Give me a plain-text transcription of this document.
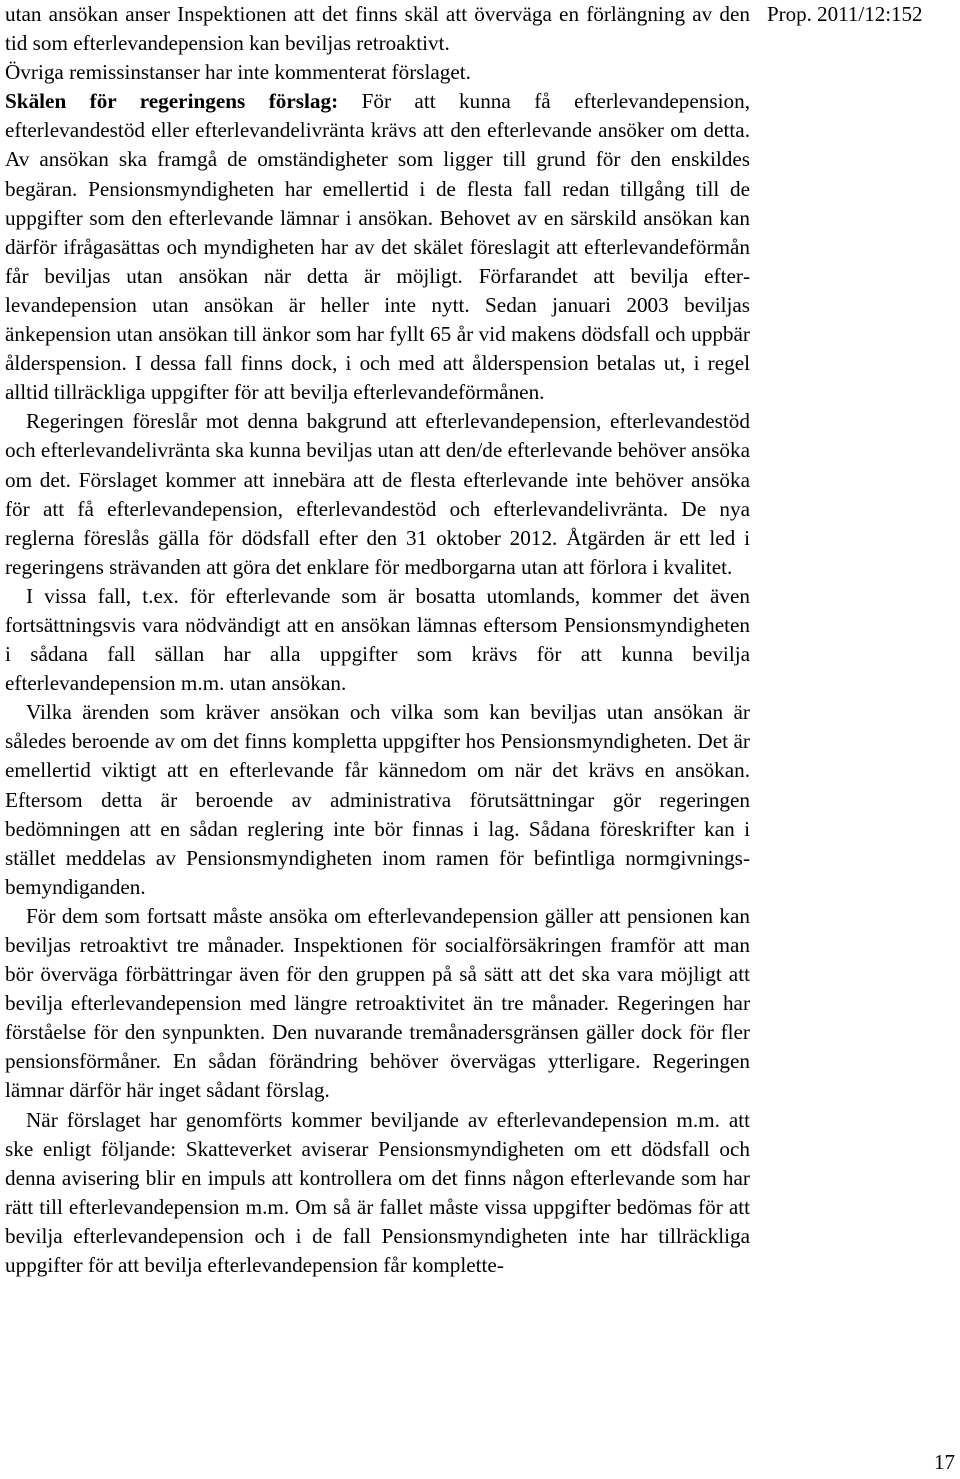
Prop. 2011/12:152

utan ansökan anser Inspektionen att det finns skäl att överväga en förlängning av den tid som efterlevandepension kan beviljas retroaktivt.

Övriga remissinstanser har inte kommenterat förslaget.

Skälen för regeringens förslag: För att kunna få efterlevandepension, efterlevandestöd eller efterlevandelivränta krävs att den efterlevande ansöker om detta. Av ansökan ska framgå de omständigheter som ligger till grund för den enskildes begäran. Pensionsmyndigheten har emellertid i de flesta fall redan tillgång till de uppgifter som den efterlevande lämnar i ansökan. Behovet av en särskild ansökan kan därför ifrågasättas och myndigheten har av det skälet föreslagit att efterlevandeförmån får beviljas utan ansökan när detta är möjligt. Förfarandet att bevilja efterlevandepension utan ansökan är heller inte nytt. Sedan januari 2003 beviljas änkepension utan ansökan till änkor som har fyllt 65 år vid makens dödsfall och uppbär ålderspension. I dessa fall finns dock, i och med att ålderspension betalas ut, i regel alltid tillräckliga uppgifter för att bevilja efterlevandeförmånen.

Regeringen föreslår mot denna bakgrund att efterlevandepension, efterlevandestöd och efterlevandelivränta ska kunna beviljas utan att den/de efterlevande behöver ansöka om det. Förslaget kommer att innebära att de flesta efterlevande inte behöver ansöka för att få efterlevandepension, efterlevandestöd och efterlevandelivränta. De nya reglerna föreslås gälla för dödsfall efter den 31 oktober 2012. Åtgärden är ett led i regeringens strävanden att göra det enklare för medborgarna utan att förlora i kvalitet.

I vissa fall, t.ex. för efterlevande som är bosatta utomlands, kommer det även fortsättningsvis vara nödvändigt att en ansökan lämnas eftersom Pensionsmyndigheten i sådana fall sällan har alla uppgifter som krävs för att kunna bevilja efterlevandepension m.m. utan ansökan.

Vilka ärenden som kräver ansökan och vilka som kan beviljas utan ansökan är således beroende av om det finns kompletta uppgifter hos Pensionsmyndigheten. Det är emellertid viktigt att en efterlevande får kännedom om när det krävs en ansökan. Eftersom detta är beroende av administrativa förutsättningar gör regeringen bedömningen att en sådan reglering inte bör finnas i lag. Sådana föreskrifter kan i stället meddelas av Pensionsmyndigheten inom ramen för befintliga normgivningsbemyndiganden.

För dem som fortsatt måste ansöka om efterlevandepension gäller att pensionen kan beviljas retroaktivt tre månader. Inspektionen för socialförsäkringen framför att man bör överväga förbättringar även för den gruppen på så sätt att det ska vara möjligt att bevilja efterlevandepension med längre retroaktivitet än tre månader. Regeringen har förståelse för den synpunkten. Den nuvarande tremånadersgränsen gäller dock för fler pensionsförmåner. En sådan förändring behöver övervägas ytterligare. Regeringen lämnar därför här inget sådant förslag.

När förslaget har genomförts kommer beviljande av efterlevandepension m.m. att ske enligt följande: Skatteverket aviserar Pensionsmyndigheten om ett dödsfall och denna avisering blir en impuls att kontrollera om det finns någon efterlevande som har rätt till efterlevandepension m.m. Om så är fallet måste vissa uppgifter bedömas för att bevilja efterlevandepension och i de fall Pensionsmyndigheten inte har tillräckliga uppgifter för att bevilja efterlevandepension får komplette-

17
